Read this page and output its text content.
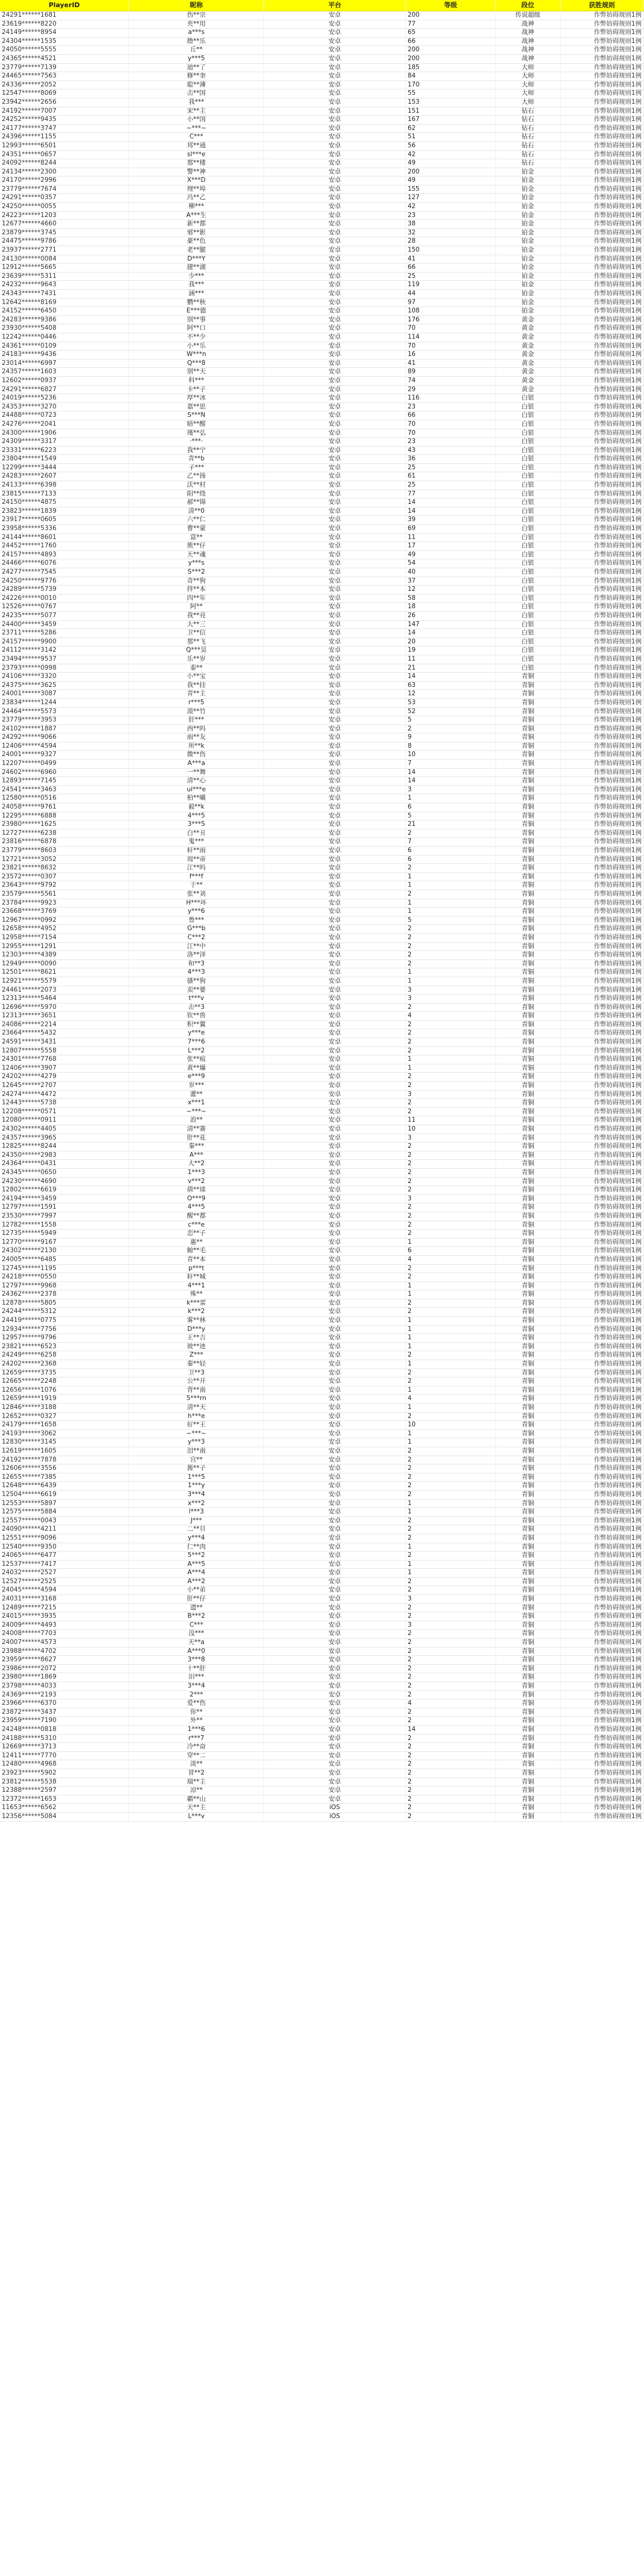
PlayerID	昵称	平台	等级	段位	获胜规则
24291******1681	伤**宗	安卓	200	传说超级	作弊妨碍规则1例
23619******8220	夹**用	安卓	77	战神	作弊妨碍规则1例
24149******8954	a***s	安卓	65	战神	作弊妨碍规则1例
24304******1535	撸**乐	安卓	66	战神	作弊妨碍规则1例
24050******5555	丘**	安卓	200	战神	作弊妨碍规则1例
24365******4521	y***5	安卓	200	战神	作弊妨碍规则1例
23779******7139	迪**了	安卓	185	大师	作弊妨碍规则1例
24465******7563	修**奎	安卓	84	大师	作弊妨碍规则1例
24336******2052	聪**薄	安卓	170	大师	作弊妨碍规则1例
12547******8069	击**国	安卓	55	大师	作弊妨碍规则1例
23942******2656	我***	安卓	153	大师	作弊妨碍规则1例
24192******7007	宋**主	安卓	151	钻石	作弊妨碍规则1例
24252******9435	小**国	安卓	167	钻石	作弊妨碍规则1例
24177******3747	~***~	安卓	62	钻石	作弊妨碍规则1例
24396******1155	C***	安卓	51	钻石	作弊妨碍规则1例
12993******6501	邦**通	安卓	56	钻石	作弊妨碍规则1例
24351******0657	sl***e	安卓	42	钻石	作弊妨碍规则1例
24092******8244	那**楼	安卓	49	钻石	作弊妨碍规则1例
24134******2300	警**神	安卓	200	铂金	作弊妨碍规则1例
24170******2996	X***D	安卓	49	铂金	作弊妨碍规则1例
23779******7674	理**埠	安卓	155	铂金	作弊妨碍规则1例
24291******0357	冯**乙	安卓	127	铂金	作弊妨碍规则1例
24250******0055	柳***	安卓	42	铂金	作弊妨碍规则1例
24223******1203	A***生	安卓	23	铂金	作弊妨碍规则1例
12677******4660	新**都	安卓	38	铂金	作弊妨碍规则1例
23879******3745	邪**影	安卓	32	铂金	作弊妨碍规则1例
24475******9786	豪**色	安卓	28	铂金	作弊妨碍规则1例
23937******2771	老**腿	安卓	150	铂金	作弊妨碍规则1例
24130******0084	D***Y	安卓	41	铂金	作弊妨碍规则1例
12912******5665	捷**湖	安卓	66	铂金	作弊妨碍规则1例
23639******5311	少***	安卓	25	铂金	作弊妨碍规则1例
24232******9643	我***	安卓	119	铂金	作弊妨碍规则1例
24343******7431	涵***	安卓	44	铂金	作弊妨碍规则1例
12642******8169	鹦**秋	安卓	97	铂金	作弊妨碍规则1例
24152******6450	E***德	安卓	108	铂金	作弊妨碍规则1例
24283******9386	别**事	安卓	176	黄金	作弊妨碍规则1例
23930******5408	阿**口	安卓	70	黄金	作弊妨碍规则1例
12242******0446	不**少	安卓	114	黄金	作弊妨碍规则1例
24361******0109	小**乐	安卓	70	黄金	作弊妨碍规则1例
24183******9436	W***n	安卓	16	黄金	作弊妨碍规则1例
23014******6997	Q***8	安卓	41	黄金	作弊妨碍规则1例
24357******1603	别**天	安卓	89	黄金	作弊妨碍规则1例
12602******0937	科***	安卓	74	黄金	作弊妨碍规则1例
24291******6827	卡**子	安卓	29	黄金	作弊妨碍规则1例
24019******5236	厚**冰	安卓	116	白银	作弊妨碍规则1例
24353******3270	嘉**思	安卓	23	白银	作弊妨碍规则1例
24488******0723	S***N	安卓	66	白银	作弊妨碍规则1例
24276******2041	暗**醒	安卓	70	白银	作弊妨碍规则1例
24300******1906	瑾**弘	安卓	70	白银	作弊妨碍规则1例
24309******3317	·***·	安卓	23	白银	作弊妨碍规则1例
23331******6223	我**宁	安卓	43	白银	作弊妨碍规则1例
23804******1549	青**b	安卓	36	白银	作弊妨碍规则1例
12299******3444	子***	安卓	25	白银	作弊妨碍规则1例
24283******2607	乙**扬	安卓	61	白银	作弊妨碍规则1例
24133******6398	沃**村	安卓	25	白银	作弊妨碍规则1例
23815******7133	阳**绕	安卓	77	白银	作弊妨碍规则1例
24150******4875	郝**锦	安卓	14	白银	作弊妨碍规则1例
23823******1839	清**0	安卓	14	白银	作弊妨碍规则1例
23917******0605	六**仁	安卓	39	白银	作弊妨碍规则1例
23958******5336	曹**蒙	安卓	69	白银	作弊妨碍规则1例
24144******8601	富**	安卓	11	白银	作弊妨碍规则1例
24452******1760	熊**仔	安卓	17	白银	作弊妨碍规则1例
24157******4893	天**魂	安卓	49	白银	作弊妨碍规则1例
24466******6076	y***s	安卓	54	白银	作弊妨碍规则1例
24277******7545	S***2	安卓	40	白银	作弊妨碍规则1例
24250******9776	奇**狗	安卓	37	白银	作弊妨碍规则1例
24289******5739	拌**本	安卓	12	白银	作弊妨碍规则1例
24226******0010	四**年	安卓	58	白银	作弊妨碍规则1例
12526******0767	阿**	安卓	18	白银	作弊妨碍规则1例
24235******5077	我**亮	安卓	26	白银	作弊妨碍规则1例
24400******3459	大**三	安卓	147	白银	作弊妨碍规则1例
23711******5286	卫**信	安卓	14	白银	作弊妨碍规则1例
24157******9900	那**飞	安卓	20	白银	作弊妨碍规则1例
24112******3142	Q***昊	安卓	19	白银	作弊妨碍规则1例
23494******9537	乐**岁	安卓	11	白银	作弊妨碍规则1例
23793******0998	泰**	安卓	21	白银	作弊妨碍规则1例
24106******3320	小**宝	安卓	14	青铜	作弊妨碍规则1例
24375******3625	我**挂	安卓	63	青铜	作弊妨碍规则1例
24001******3087	青**主	安卓	12	青铜	作弊妨碍规则1例
23834******1244	r***5	安卓	53	青铜	作弊妨碍规则1例
24464******5573	漠**竹	安卓	52	青铜	作弊妨碍规则1例
23779******3953	肝***	安卓	5	青铜	作弊妨碍规则1例
24102******1887	西**吗	安卓	2	青铜	作弊妨碍规则1例
24292******9066	雨**友	安卓	9	青铜	作弊妨碍规则1例
12406******4594	所**k	安卓	8	青铜	作弊妨碍规则1例
24001******9327	微**伤	安卓	10	青铜	作弊妨碍规则1例
12207******0499	A***a	安卓	7	青铜	作弊妨碍规则1例
24602******6960	一**舞	安卓	14	青铜	作弊妨碍规则1例
12893******7145	清**心	安卓	14	青铜	作弊妨碍规则1例
24541******3463	ui***e	安卓	3	青铜	作弊妨碍规则1例
12580******0516	柏**曦	安卓	1	青铜	作弊妨碍规则1例
24058******9761	毅**k	安卓	6	青铜	作弊妨碍规则1例
12295******6888	4***5	安卓	5	青铜	作弊妨碍规则1例
23980******1625	3***5	安卓	21	青铜	作弊妨碍规则1例
12727******6238	白**丑	安卓	2	青铜	作弊妨碍规则1例
23816******6878	鬼***	安卓	7	青铜	作弊妨碍规则1例
23779******8603	轩**雨	安卓	6	青铜	作弊妨碍规则1例
12721******3052	周**帝	安卓	6	青铜	作弊妨碍规则1例
23821******8632	江**吗	安卓	2	青铜	作弊妨碍规则1例
23572******0307	f***f	安卓	1	青铜	作弊妨碍规则1例
23643******9792	于**	安卓	1	青铜	作弊妨碍规则1例
23579******5561	张**刘	安卓	2	青铜	作弊妨碍规则1例
23784******9923	H***坏	安卓	1	青铜	作弊妨碍规则1例
23668******3769	y***6	安卓	1	青铜	作弊妨碍规则1例
12967******0992	鲁***	安卓	5	青铜	作弊妨碍规则1例
12658******4952	G***b	安卓	2	青铜	作弊妨碍规则1例
12958******7154	C***2	安卓	2	青铜	作弊妨碍规则1例
12955******1291	江**中	安卓	2	青铜	作弊妨碍规则1例
12303******4389	洛**泽	安卓	2	青铜	作弊妨碍规则1例
12949******0090	和**3	安卓	2	青铜	作弊妨碍规则1例
12501******8621	4***3	安卓	1	青铜	作弊妨碍规则1例
12921******5579	骚**狗	安卓	1	青铜	作弊妨碍规则1例
24461******2073	卖**婆	安卓	3	青铜	作弊妨碍规则1例
12313******5464	t***v	安卓	3	青铜	作弊妨碍规则1例
12696******5970	击**3	安卓	2	青铜	作弊妨碍规则1例
12313******3651	钦**兽	安卓	4	青铜	作弊妨碍规则1例
24086******2214	积**翼	安卓	2	青铜	作弊妨碍规则1例
23664******5432	y***e	安卓	2	青铜	作弊妨碍规则1例
24591******3431	7***6	安卓	2	青铜	作弊妨碍规则1例
12807******5558	L***2	安卓	2	青铜	作弊妨碍规则1例
24301******7768	张**痕	安卓	1	青铜	作弊妨碍规则1例
12406******3907	黄**爆	安卓	1	青铜	作弊妨碍规则1例
24202******4279	e***9	安卓	2	青铜	作弊妨碍规则1例
12645******2707	岁***	安卓	2	青铜	作弊妨碍规则1例
24274******4472	灌**	安卓	3	青铜	作弊妨碍规则1例
12443******5738	x***1	安卓	2	青铜	作弊妨碍规则1例
12208******0571	~***~	安卓	2	青铜	作弊妨碍规则1例
12080******0911	浪**	安卓	11	青铜	作弊妨碍规则1例
24302******4405	清**赛	安卓	10	青铜	作弊妨碍规则1例
24357******3965	肝**花	安卓	3	青铜	作弊妨碍规则1例
12825******8244	秦***	安卓	2	青铜	作弊妨碍规则1例
24350******2983	A***	安卓	2	青铜	作弊妨碍规则1例
24364******0431	大**2	安卓	2	青铜	作弊妨碍规则1例
24345******0650	1***3	安卓	2	青铜	作弊妨碍规则1例
24230******4690	v***2	安卓	2	青铜	作弊妨碍规则1例
12802******6619	倩**球	安卓	2	青铜	作弊妨碍规则1例
24194******3459	O***9	安卓	3	青铜	作弊妨碍规则1例
12797******1591	4***5	安卓	2	青铜	作弊妨碍规则1例
23530******7997	醒**都	安卓	2	青铜	作弊妨碍规则1例
12782******1558	c***e	安卓	2	青铜	作弊妨碍规则1例
12735******5949	恋**子	安卓	2	青铜	作弊妨碍规则1例
12770******9167	惠**	安卓	1	青铜	作弊妨碍规则1例
24302******2130	鲸**毛	安卓	6	青铜	作弊妨碍规则1例
24005******6485	青**本	安卓	4	青铜	作弊妨碍规则1例
12745******1195	p***t	安卓	2	青铜	作弊妨碍规则1例
24218******0550	轩**城	安卓	2	青铜	作弊妨碍规则1例
12797******9968	4***1	安卓	1	青铜	作弊妨碍规则1例
24362******2378	殊**	安卓	1	青铜	作弊妨碍规则1例
12878******5805	k***雷	安卓	2	青铜	作弊妨碍规则1例
24244******5312	k***2	安卓	2	青铜	作弊妨碍规则1例
24419******0775	雾**林	安卓	1	青铜	作弊妨碍规则1例
12934******7756	D***y	安卓	1	青铜	作弊妨碍规则1例
12957******9796	王**吉	安卓	1	青铜	作弊妨碍规则1例
23821******6523	玻**迹	安卓	1	青铜	作弊妨碍规则1例
24249******6258	Z***	安卓	2	青铜	作弊妨碍规则1例
24202******2368	秦**轻	安卓	1	青铜	作弊妨碍规则1例
12659******3735	卫**3	安卓	2	青铜	作弊妨碍规则1例
12665******2248	公**开	安卓	2	青铜	作弊妨碍规则1例
12656******1076	背**南	安卓	1	青铜	作弊妨碍规则1例
12659******1919	5***rn	安卓	4	青铜	作弊妨碍规则1例
12846******3188	清**天	安卓	1	青铜	作弊妨碍规则1例
12652******0327	h***e	安卓	2	青铜	作弊妨碍规则1例
24179******1658	好**王	安卓	10	青铜	作弊妨碍规则1例
24193******3062	~***~	安卓	1	青铜	作弊妨碍规则1例
12830******3145	y***3	安卓	1	青铜	作弊妨碍规则1例
12619******1605	泪**南	安卓	2	青铜	作弊妨碍规则1例
24192******7878	宫**	安卓	2	青铜	作弊妨碍规则1例
12606******3556	酱**子	安卓	2	青铜	作弊妨碍规则1例
12655******7385	1***5	安卓	2	青铜	作弊妨碍规则1例
12648******6439	1***y	安卓	2	青铜	作弊妨碍规则1例
12504******6619	3***4	安卓	2	青铜	作弊妨碍规则1例
12553******5897	x***2	安卓	1	青铜	作弊妨碍规则1例
12575******5884	l***3	安卓	1	青铜	作弊妨碍规则1例
12557******0043	J***	安卓	2	青铜	作弊妨碍规则1例
24090******4211	二**旦	安卓	2	青铜	作弊妨碍规则1例
12551******9096	y***4	安卓	2	青铜	作弊妨碍规则1例
12540******9350	仁**肉	安卓	1	青铜	作弊妨碍规则1例
24065******6477	5***2	安卓	2	青铜	作弊妨碍规则1例
12537******7417	A***5	安卓	1	青铜	作弊妨碍规则1例
24032******2527	A***4	安卓	1	青铜	作弊妨碍规则1例
12527******2525	A***2	安卓	2	青铜	作弊妨碍规则1例
24045******4594	小**弟	安卓	2	青铜	作弊妨碍规则1例
24031******3168	肝**仔	安卓	3	青铜	作弊妨碍规则1例
12489******7215	遗**	安卓	2	青铜	作弊妨碍规则1例
24015******3935	B***2	安卓	2	青铜	作弊妨碍规则1例
24009******4493	C***	安卓	3	青铜	作弊妨碍规则1例
24008******7703	没***	安卓	2	青铜	作弊妨碍规则1例
24007******4573	天**a	安卓	2	青铜	作弊妨碍规则1例
23988******4702	A***0	安卓	2	青铜	作弊妨碍规则1例
23959******8627	3***8	安卓	2	青铜	作弊妨碍规则1例
23986******2072	十**肝	安卓	2	青铜	作弊妨碍规则1例
23980******1869	旧***	安卓	2	青铜	作弊妨碍规则1例
23798******4033	3***4	安卓	2	青铜	作弊妨碍规则1例
24369******2193	2***	安卓	2	青铜	作弊妨碍规则1例
23966******6370	爱**伤	安卓	4	青铜	作弊妨碍规则1例
23872******3437	你**	安卓	2	青铜	作弊妨碍规则1例
23959******7190	外**	安卓	2	青铜	作弊妨碍规则1例
24248******0818	1***6	安卓	14	青铜	作弊妨碍规则1例
24188******5310	r***7	安卓	2	青铜	作弊妨碍规则1例
12669******3713	冷**奋	安卓	2	青铜	作弊妨碍规则1例
12411******7770	穿**二	安卓	2	青铜	作弊妨碍规则1例
12480******4968	淡**	安卓	2	青铜	作弊妨碍规则1例
23923******5902	冒**2	安卓	2	青铜	作弊妨碍规则1例
23812******5538	瑞**主	安卓	2	青铜	作弊妨碍规则1例
12388******2597	凉**	安卓	2	青铜	作弊妨碍规则1例
12372******1653	霸**山	安卓	2	青铜	作弊妨碍规则1例
11653******6562	天**主	iOS	2	青铜	作弊妨碍规则1例
12356******5084	L***v	iOS	2	青铜	作弊妨碍规则1例
